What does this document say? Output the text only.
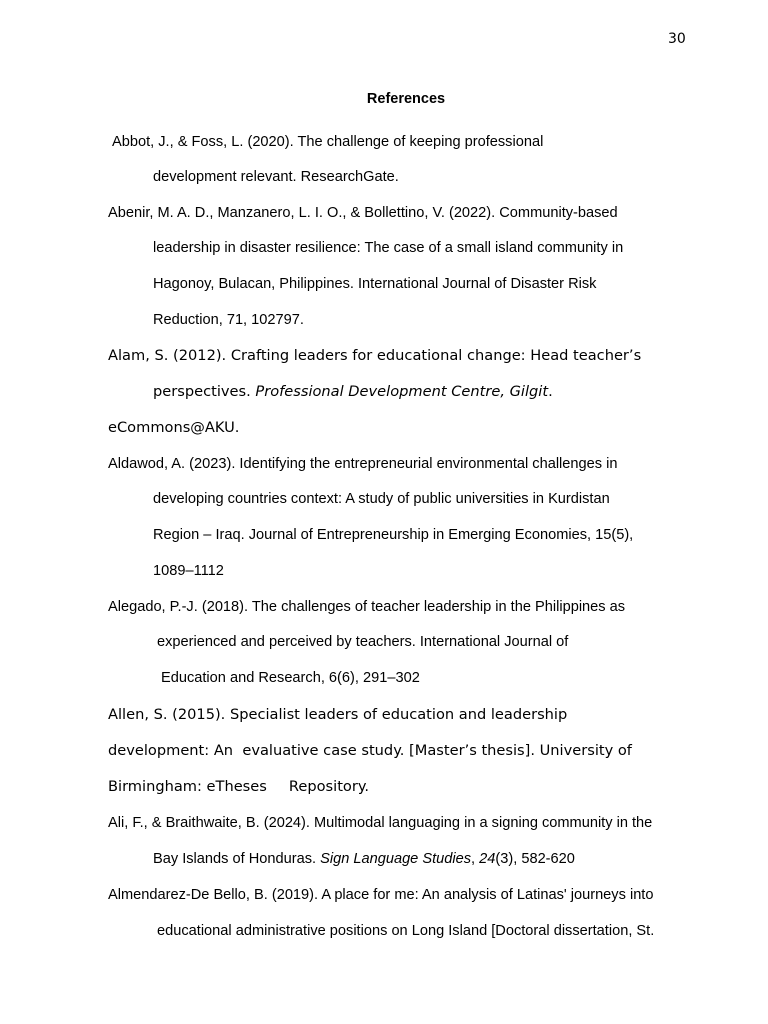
30
References
Abbot, J., & Foss, L. (2020). The challenge of keeping professional
development relevant. ResearchGate.
Abenir, M. A. D., Manzanero, L. I. O., & Bollettino, V. (2022). Community-based
leadership in disaster resilience: The case of a small island community in
Hagonoy, Bulacan, Philippines. International Journal of Disaster Risk
Reduction, 71, 102797.
Alam, S. (2012). Crafting leaders for educational change: Head teacher’s
perspectives. Professional Development Centre, Gilgit.
eCommons@AKU.
Aldawod, A. (2023). Identifying the entrepreneurial environmental challenges in
developing countries context: A study of public universities in Kurdistan
Region – Iraq. Journal of Entrepreneurship in Emerging Economies, 15(5),
1089–1112
Alegado, P.-J. (2018). The challenges of teacher leadership in the Philippines as
experienced and perceived by teachers. International Journal of
Education and Research, 6(6), 291–302
Allen, S. (2015). Specialist leaders of education and leadership
development: An  evaluative case study. [Master’s thesis]. University of
Birmingham: eTheses Repository.
Ali, F., & Braithwaite, B. (2024). Multimodal languaging in a signing community in the
Bay Islands of Honduras. Sign Language Studies, 24(3), 582-620
Almendarez-De Bello, B. (2019). A place for me: An analysis of Latinas' journeys into
educational administrative positions on Long Island [Doctoral dissertation, St.
